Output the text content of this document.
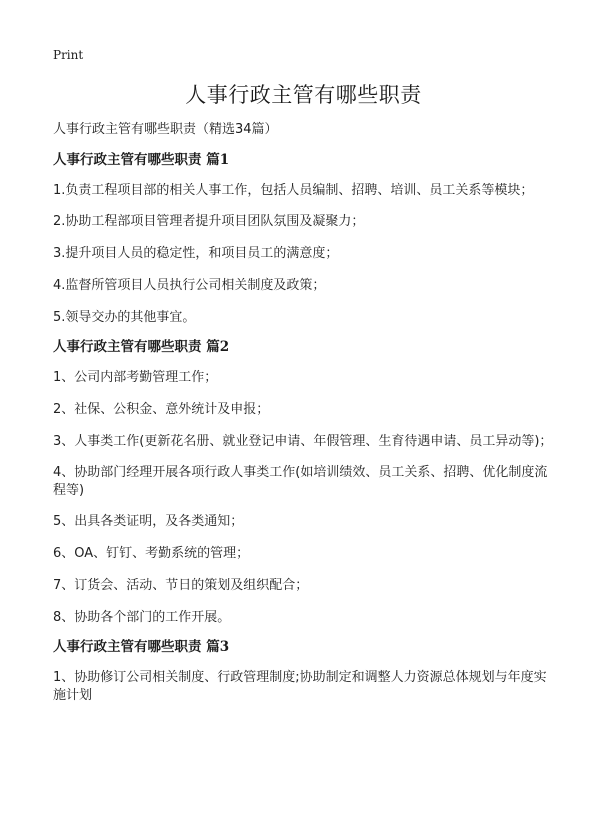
Print
人事行政主管有哪些职责
人事行政主管有哪些职责（精选34篇）
人事行政主管有哪些职责 篇1
1.负责工程项目部的相关人事工作，包括人员编制、招聘、培训、员工关系等模块；
2.协助工程部项目管理者提升项目团队氛围及凝聚力；
3.提升项目人员的稳定性，和项目员工的满意度；
4.监督所管项目人员执行公司相关制度及政策；
5.领导交办的其他事宜。
人事行政主管有哪些职责 篇2
1、公司内部考勤管理工作；
2、社保、公积金、意外统计及申报；
3、人事类工作(更新花名册、就业登记申请、年假管理、生育待遇申请、员工异动等)；
4、协助部门经理开展各项行政人事类工作(如培训绩效、员工关系、招聘、优化制度流程等)
5、出具各类证明，及各类通知；
6、OA、钉钉、考勤系统的管理；
7、订货会、活动、节日的策划及组织配合；
8、协助各个部门的工作开展。
人事行政主管有哪些职责 篇3
1、协助修订公司相关制度、行政管理制度;协助制定和调整人力资源总体规划与年度实施计划
